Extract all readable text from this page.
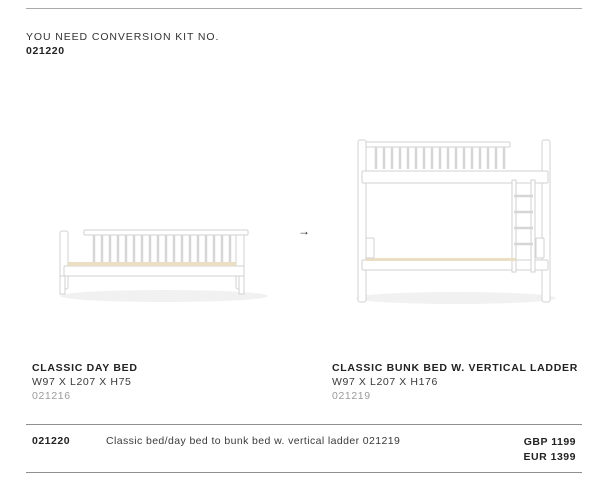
YOU NEED CONVERSION KIT NO.
021220
→
CLASSIC DAY BED
W97 X L207 X H75
021216
CLASSIC BUNK BED W. VERTICAL LADDER
W97 X L207 X H176
021219
021220	Classic bed/day bed to bunk bed w. vertical ladder 021219	GBP 1199
EUR 1399
